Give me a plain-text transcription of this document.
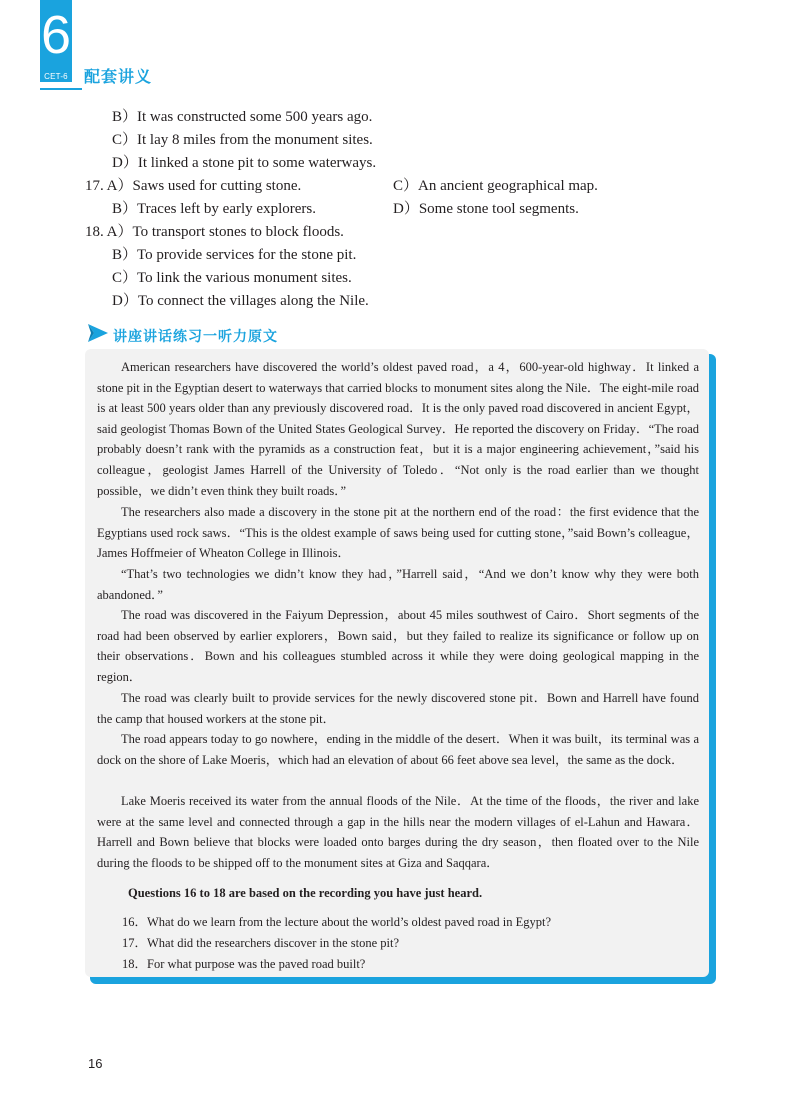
6
CET-6 配套讲义
B）It was constructed some 500 years ago.
C）It lay 8 miles from the monument sites.
D）It linked a stone pit to some waterways.
17. A）Saws used for cutting stone.	C）An ancient geographical map.
B）Traces left by early explorers.	D）Some stone tool segments.
18. A）To transport stones to block floods.
B）To provide services for the stone pit.
C）To link the various monument sites.
D）To connect the villages along the Nile.
讲座讲话练习一听力原文
American researchers have discovered the world’s oldest paved road，a 4，600-year-old highway．It linked a stone pit in the Egyptian desert to waterways that carried blocks to monument sites along the Nile．The eight-mile road is at least 500 years older than any previously discovered road．It is the only paved road discovered in ancient Egypt，said geologist Thomas Bown of the United States Geological Survey．He reported the discovery on Friday．“The road probably doesn’t rank with the pyramids as a construction feat，but it is a major engineering achievement，”said his colleague，geologist James Harrell of the University of Toledo．“Not only is the road earlier than we thought possible，we didn’t even think they built roads．”
The researchers also made a discovery in the stone pit at the northern end of the road：the first evidence that the Egyptians used rock saws．“This is the oldest example of saws being used for cutting stone，”said Bown’s colleague，James Hoffmeier of Wheaton College in Illinois．
“That’s two technologies we didn’t know they had，”Harrell said，“And we don’t know why they were both abandoned．”
The road was discovered in the Faiyum Depression，about 45 miles southwest of Cairo．Short segments of the road had been observed by earlier explorers，Bown said，but they failed to realize its significance or follow up on their observations．Bown and his colleagues stumbled across it while they were doing geological mapping in the region．
The road was clearly built to provide services for the newly discovered stone pit．Bown and Harrell have found the camp that housed workers at the stone pit．
The road appears today to go nowhere，ending in the middle of the desert．When it was built，its terminal was a dock on the shore of Lake Moeris，which had an elevation of about 66 feet above sea level，the same as the dock．
Lake Moeris received its water from the annual floods of the Nile．At the time of the floods，the river and lake were at the same level and connected through a gap in the hills near the modern villages of el-Lahun and Hawara．Harrell and Bown believe that blocks were loaded onto barges during the dry season，then floated over to the Nile during the floods to be shipped off to the monument sites at Giza and Saqqara．
Questions 16 to 18 are based on the recording you have just heard.
16．What do we learn from the lecture about the world’s oldest paved road in Egypt?
17．What did the researchers discover in the stone pit?
18．For what purpose was the paved road built?
16
